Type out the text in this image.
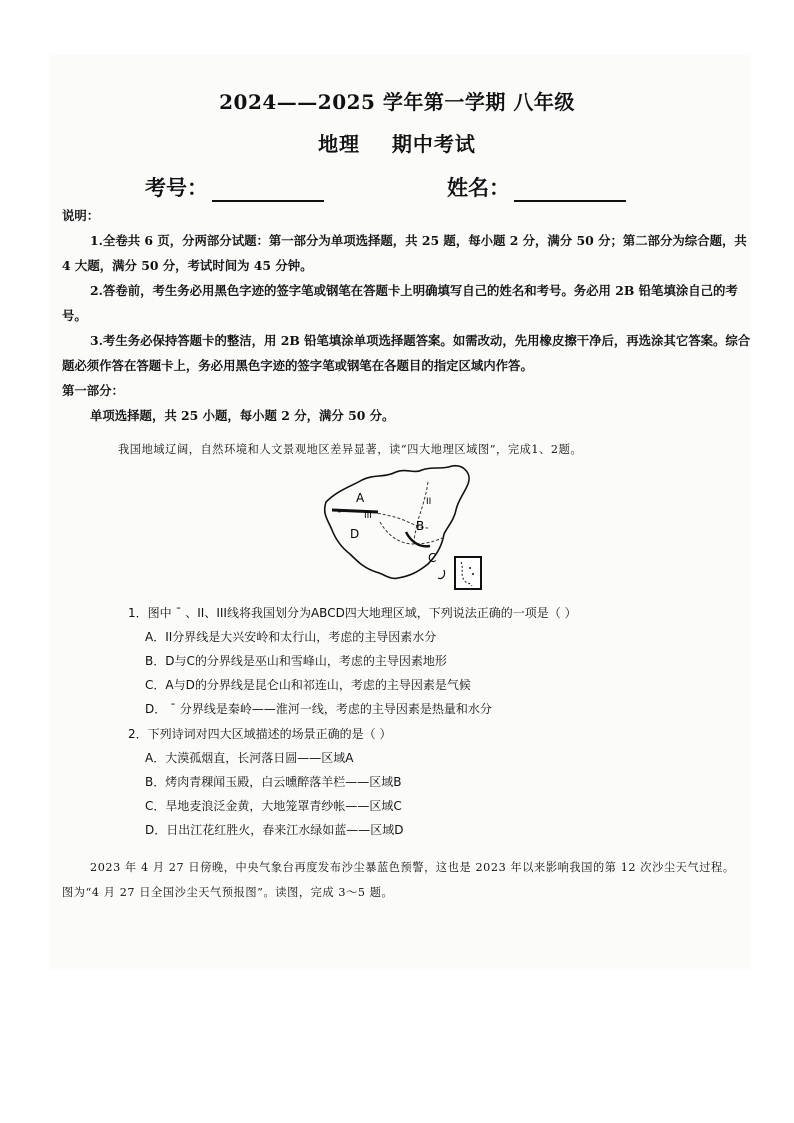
2024——2025 学年第一学期 八年级
地理    期中考试
考号：	姓名：

说明：

1.全卷共 6 页，分两部分试题：第一部分为单项选择题，共 25 题，每小题 2 分，满分 50 分；第二部分为综合题，共 4 大题，满分 50 分，考试时间为 45 分钟。

2.答卷前，考生务必用黑色字迹的签字笔或钢笔在答题卡上明确填写自己的姓名和考号。务必用 2B 铅笔填涂自己的考号。

3.考生务必保持答题卡的整洁，用 2B 铅笔填涂单项选择题答案。如需改动，先用橡皮擦干净后，再选涂其它答案。综合题必须作答在答题卡上，务必用黑色字迹的签字笔或钢笔在各题目的指定区域内作答。

第一部分：

单项选择题，共 25 小题，每小题 2 分，满分 50 分。

我国地域辽阔，自然环境和人文景观地区差异显著，读“四大地理区域图”，完成1、2题。
A
B
C
D
II
III
1．图中 ˉ 、II、III线将我国划分为ABCD四大地理区域，下列说法正确的一项是（ ）
A．II分界线是大兴安岭和太行山，考虑的主导因素水分
B．D与C的分界线是巫山和雪峰山，考虑的主导因素地形
C．A与D的分界线是昆仑山和祁连山，考虑的主导因素是气候
D． ˉ 分界线是秦岭——淮河一线，考虑的主导因素是热量和水分
2．下列诗词对四大区域描述的场景正确的是（ ）
A．大漠孤烟直，长河落日圆——区域A
B．烤肉青稞闻玉殿，白云曛醉落羊栏——区域B
C．旱地麦浪泛金黄，大地笼罩青纱帐——区域C
D．日出江花红胜火，春来江水绿如蓝——区域D
2023 年 4 月 27 日傍晚，中央气象台再度发布沙尘暴蓝色预警，这也是 2023 年以来影响我国的第 12 次沙尘天气过程。图为“4 月 27 日全国沙尘天气预报图”。读图，完成 3～5 题。
